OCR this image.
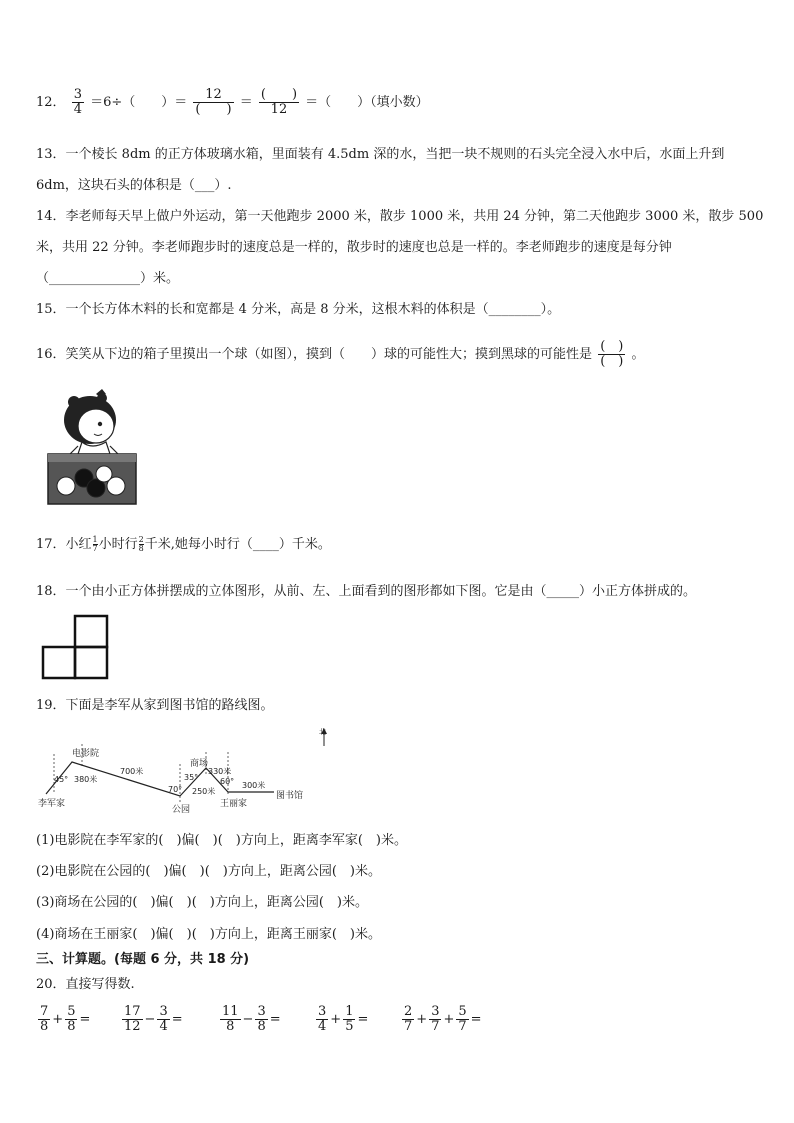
12． $\frac{3}{4} =6\div$（　　）＝ $\frac{12}{( )} = \frac{( )}{12}$ ＝（　　）（填小数）
13．一个棱长 8dm 的正方体玻璃水箱，里面装有 4.5dm 深的水，当把一块不规则的石头完全浸入水中后，水面上升到
6dm，这块石头的体积是（___）.
14．李老师每天早上做户外运动，第一天他跑步 2000 米，散步 1000 米，共用 24 分钟，第二天他跑步 3000 米，散步 500
米，共用 22 分钟。李老师跑步时的速度总是一样的，散步时的速度也总是一样的。李老师跑步的速度是每分钟
（______________）米。
15．一个长方体木料的长和宽都是 4 分米，高是 8 分米，这根木料的体积是（________）。
16．笑笑从下边的箱子里摸出一个球（如图），摸到（　　）球的可能性大；摸到黑球的可能性是 $\frac{( )}{( )}$ 。
17．小红 $\frac{1}{7}$ 小时行 $\frac{2}{8}$ 千米,她每小时行（____）千米。
18．一个由小正方体拼摆成的立体图形，从前、左、上面看到的图形都如下图。它是由（_____）小正方体拼成的。
19．下面是李军从家到图书馆的路线图。
北
电影院
李军家
公园
商场
王丽家
图书馆
45° 380米
700米
70°
35°
250米
330米
60° 300米
(1)电影院在李军家的(　)偏(　)(　)方向上，距离李军家(　)米。
(2)电影院在公园的(　)偏(　)(　)方向上，距离公园(　)米。
(3)商场在公园的(　)偏(　)(　)方向上，距离公园(　)米。
(4)商场在王丽家(　)偏(　)(　)方向上，距离王丽家(　)米。
三、计算题。(每题 6 分，共 18 分)
20．直接写得数.
$\frac{7}{8} + \frac{5}{8} = \frac{17}{12} - \frac{3}{4}$ =	$\frac{11}{8} - \frac{3}{8}$ =	$\frac{3}{4} + \frac{1}{5}$ =	$\frac{2}{7} + \frac{3}{7} + \frac{5}{7}$ =
